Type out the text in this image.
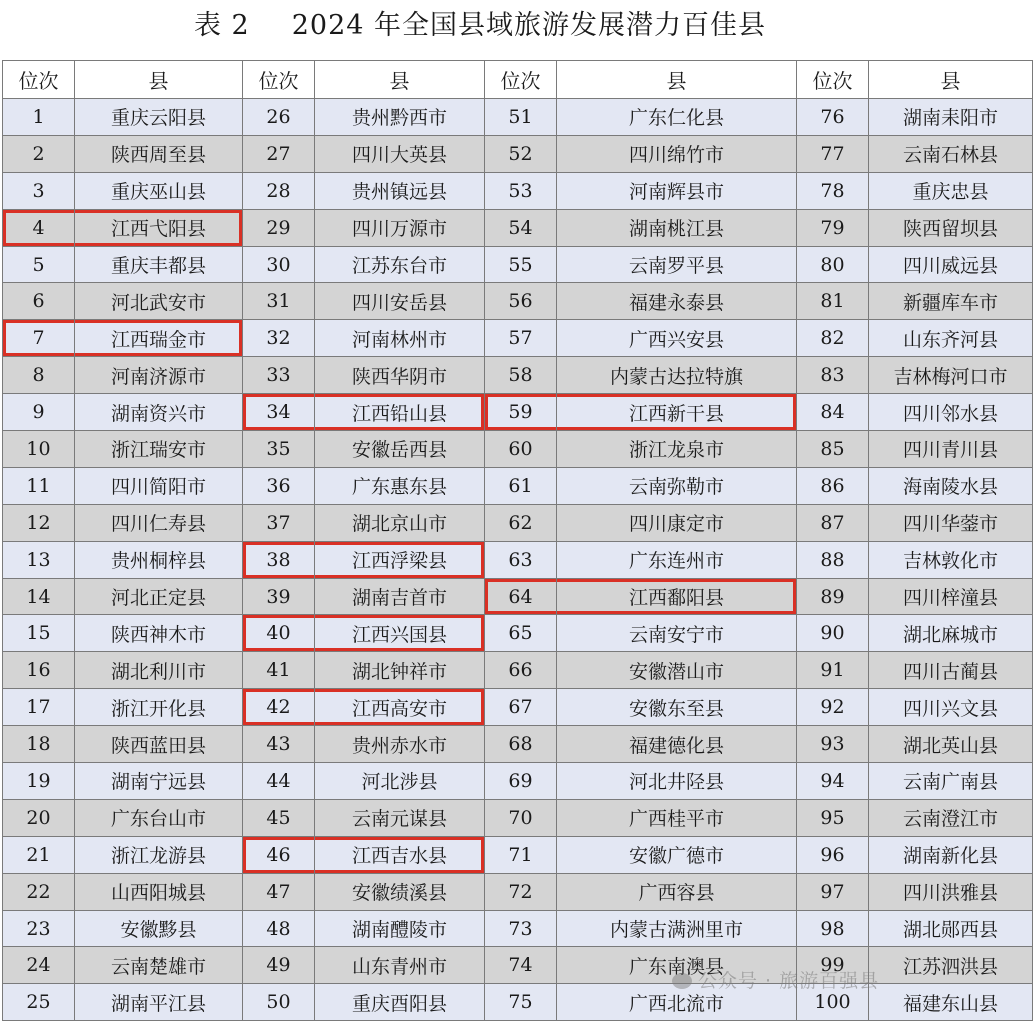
表 2 2024 年全国县域旅游发展潜力百佳县
位次	县	位次	县	位次	县	位次	县
1	重庆云阳县	26	贵州黔西市	51	广东仁化县	76	湖南耒阳市
2	陕西周至县	27	四川大英县	52	四川绵竹市	77	云南石林县
3	重庆巫山县	28	贵州镇远县	53	河南辉县市	78	重庆忠县
4	江西弋阳县	29	四川万源市	54	湖南桃江县	79	陕西留坝县
5	重庆丰都县	30	江苏东台市	55	云南罗平县	80	四川威远县
6	河北武安市	31	四川安岳县	56	福建永泰县	81	新疆库车市
7	江西瑞金市	32	河南林州市	57	广西兴安县	82	山东齐河县
8	河南济源市	33	陕西华阴市	58	内蒙古达拉特旗	83	吉林梅河口市
9	湖南资兴市	34	江西铅山县	59	江西新干县	84	四川邻水县
10	浙江瑞安市	35	安徽岳西县	60	浙江龙泉市	85	四川青川县
11	四川简阳市	36	广东惠东县	61	云南弥勒市	86	海南陵水县
12	四川仁寿县	37	湖北京山市	62	四川康定市	87	四川华蓥市
13	贵州桐梓县	38	江西浮梁县	63	广东连州市	88	吉林敦化市
14	河北正定县	39	湖南吉首市	64	江西鄱阳县	89	四川梓潼县
15	陕西神木市	40	江西兴国县	65	云南安宁市	90	湖北麻城市
16	湖北利川市	41	湖北钟祥市	66	安徽潜山市	91	四川古蔺县
17	浙江开化县	42	江西高安市	67	安徽东至县	92	四川兴文县
18	陕西蓝田县	43	贵州赤水市	68	福建德化县	93	湖北英山县
19	湖南宁远县	44	河北涉县	69	河北井陉县	94	云南广南县
20	广东台山市	45	云南元谋县	70	广西桂平市	95	云南澄江市
21	浙江龙游县	46	江西吉水县	71	安徽广德市	96	湖南新化县
22	山西阳城县	47	安徽绩溪县	72	广西容县	97	四川洪雅县
23	安徽黟县	48	湖南醴陵市	73	内蒙古满洲里市	98	湖北郧西县
24	云南楚雄市	49	山东青州市	74	广东南澳县	99	江苏泗洪县
25	湖南平江县	50	重庆酉阳县	75	广西北流市	100	福建东山县
公众号 · 旅游百强县
